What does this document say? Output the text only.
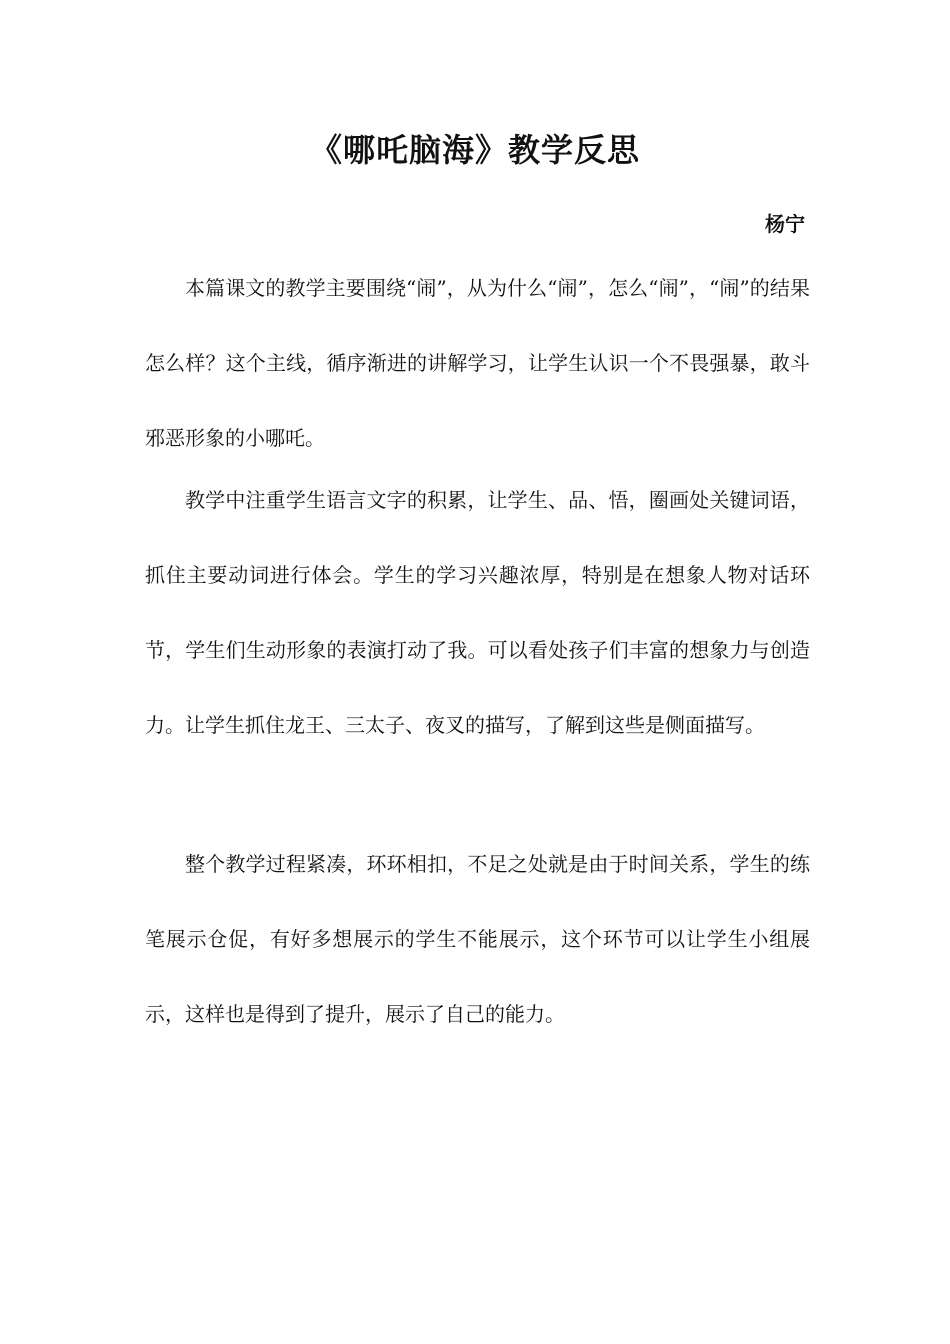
《哪吒脑海》教学反思
杨宁

本篇课文的教学主要围绕“闹”，从为什么“闹”，怎么“闹”，“闹”的结果怎么样？这个主线，循序渐进的讲解学习，让学生认识一个不畏强暴，敢斗邪恶形象的小哪吒。

教学中注重学生语言文字的积累，让学生、品、悟，圈画处关键词语，抓住主要动词进行体会。学生的学习兴趣浓厚，特别是在想象人物对话环节，学生们生动形象的表演打动了我。可以看处孩子们丰富的想象力与创造力。让学生抓住龙王、三太子、夜叉的描写，了解到这些是侧面描写。

整个教学过程紧凑，环环相扣，不足之处就是由于时间关系，学生的练笔展示仓促，有好多想展示的学生不能展示，这个环节可以让学生小组展示，这样也是得到了提升，展示了自己的能力。
